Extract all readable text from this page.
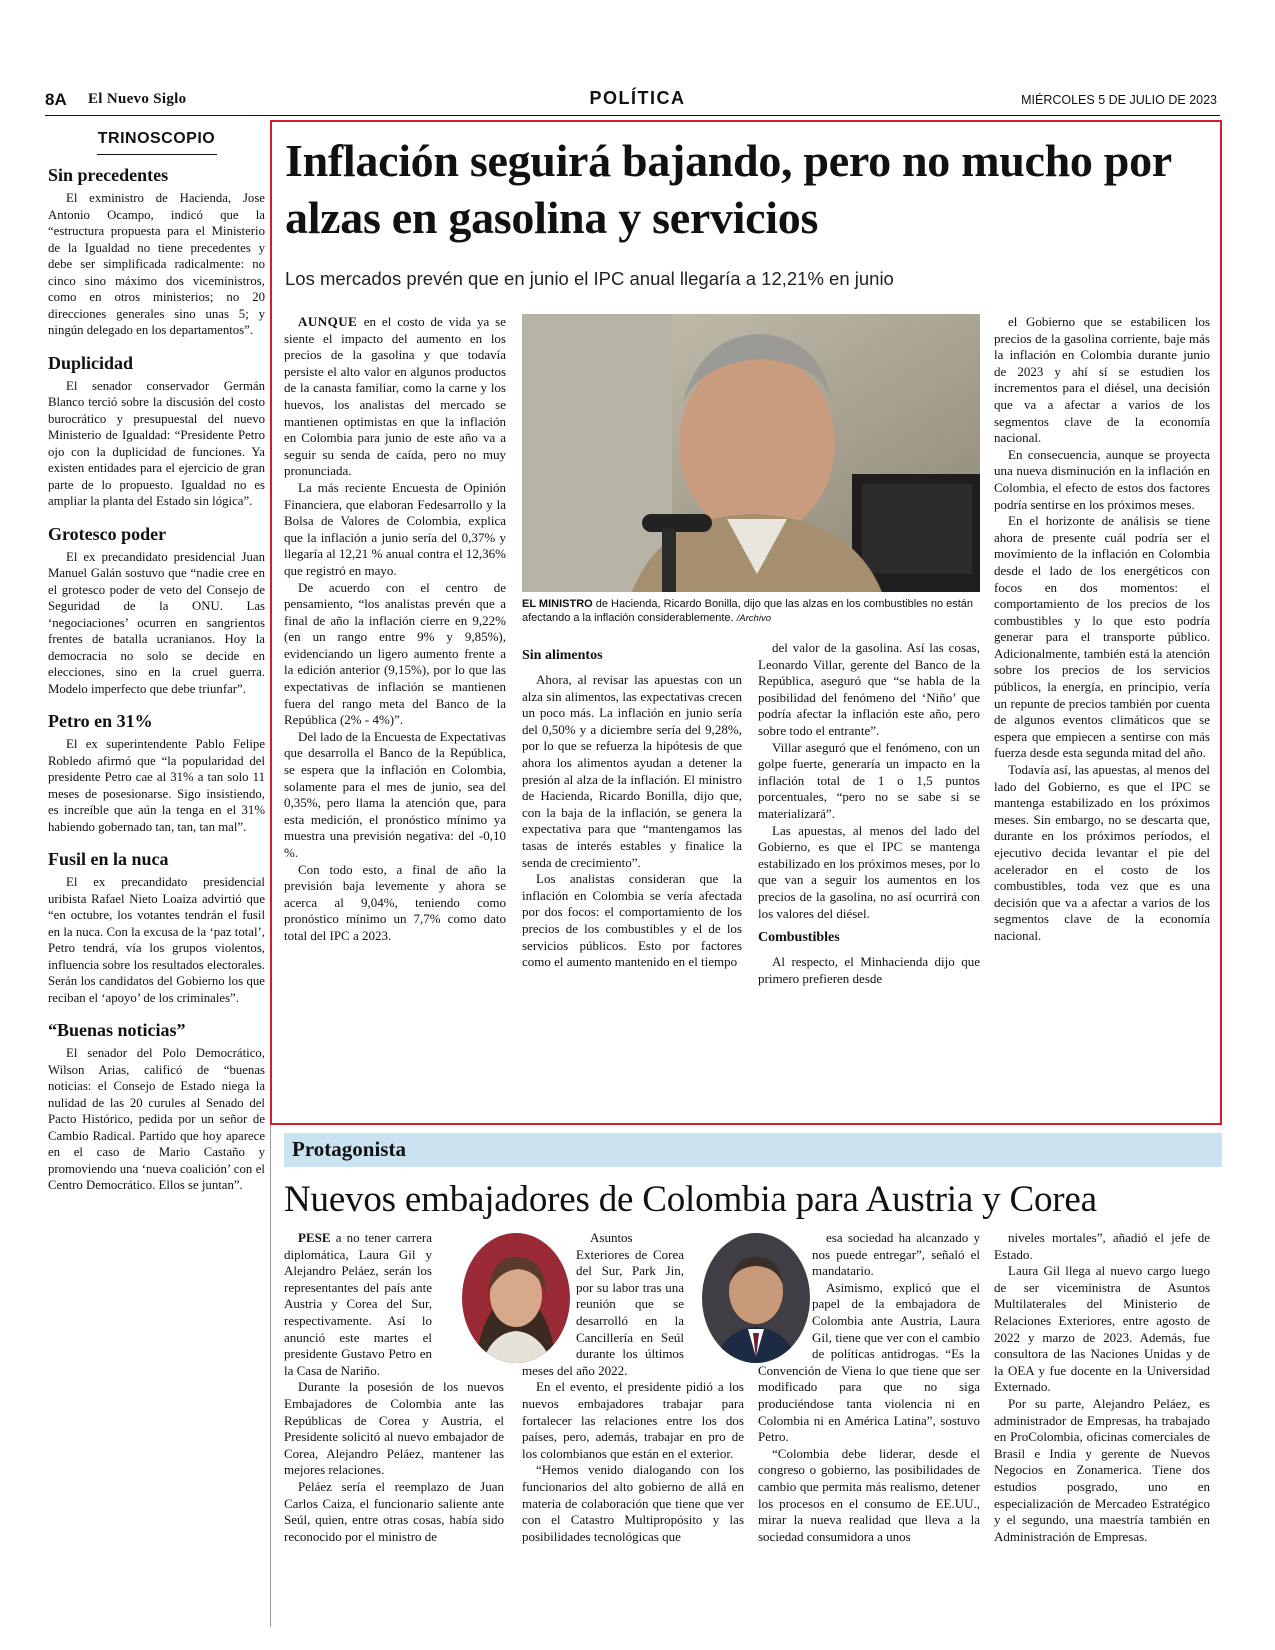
8A El Nuevo Siglo	POLÍTICA	MIÉRCOLES 5 DE JULIO DE 2023
TRINOSCOPIO
Sin precedentes

El exministro de Hacienda, Jose Antonio Ocampo, indicó que la “estructura propuesta para el Ministerio de la Igualdad no tiene precedentes y debe ser simplificada radicalmente: no cinco sino máximo dos viceministros, como en otros ministerios; no 20 direcciones generales sino unas 5; y ningún delegado en los departamentos”.

Duplicidad

El senador conservador Germán Blanco terció sobre la discusión del costo burocrático y presupuestal del nuevo Ministerio de Igualdad: “Presidente Petro ojo con la duplicidad de funciones. Ya existen entidades para el ejercicio de gran parte de lo propuesto. Igualdad no es ampliar la planta del Estado sin lógica”.

Grotesco poder

El ex precandidato presidencial Juan Manuel Galán sostuvo que “nadie cree en el grotesco poder de veto del Consejo de Seguridad de la ONU. Las ‘negociaciones’ ocurren en sangrientos frentes de batalla ucranianos. Hoy la democracia no solo se decide en elecciones, sino en la cruel guerra. Modelo imperfecto que debe triunfar”.

Petro en 31%

El ex superintendente Pablo Felipe Robledo afirmó que “la popularidad del presidente Petro cae al 31% a tan solo 11 meses de posesionarse. Sigo insistiendo, es increíble que aún la tenga en el 31% habiendo gobernado tan, tan, tan mal”.

Fusil en la nuca

El ex precandidato presidencial uribista Rafael Nieto Loaiza advirtió que “en octubre, los votantes tendrán el fusil en la nuca. Con la excusa de la ‘paz total’, Petro tendrá, vía los grupos violentos, influencia sobre los resultados electorales. Serán los candidatos del Gobierno los que reciban el ‘apoyo’ de los criminales”.

“Buenas noticias”

El senador del Polo Democrático, Wilson Arias, calificó de “buenas noticias: el Consejo de Estado niega la nulidad de las 20 curules al Senado del Pacto Histórico, pedida por un señor de Cambio Radical. Partido que hoy aparece en el caso de Mario Castaño y promoviendo una ‘nueva coalición’ con el Centro Democrático. Ellos se juntan”.

Inflación seguirá bajando, pero no mucho por alzas en gasolina y servicios
Los mercados prevén que en junio el IPC anual llegaría a 12,21% en junio

AUNQUE en el costo de vida ya se siente el impacto del aumento en los precios de la gasolina y que todavía persiste el alto valor en algunos productos de la canasta familiar, como la carne y los huevos, los analistas del mercado se mantienen optimistas en que la inflación en Colombia para junio de este año va a seguir su senda de caída, pero no muy pronunciada.

La más reciente Encuesta de Opinión Financiera, que elaboran Fedesarrollo y la Bolsa de Valores de Colombia, explica que la inflación a junio sería del 0,37% y llegaría al 12,21 % anual contra el 12,36% que registró en mayo.

De acuerdo con el centro de pensamiento, “los analistas prevén que a final de año la inflación cierre en 9,22% (en un rango entre 9% y 9,85%), evidenciando un ligero aumento frente a la edición anterior (9,15%), por lo que las expectativas de inflación se mantienen fuera del rango meta del Banco de la República (2% - 4%)”.

Del lado de la Encuesta de Expectativas que desarrolla el Banco de la República, se espera que la inflación en Colombia, solamente para el mes de junio, sea del 0,35%, pero llama la atención que, para esta medición, el pronóstico mínimo ya muestra una previsión negativa: del -0,10 %.

Con todo esto, a final de año la previsión baja levemente y ahora se acerca al 9,04%, teniendo como pronóstico mínimo un 7,7% como dato total del IPC a 2023.

EL MINISTRO de Hacienda, Ricardo Bonilla, dijo que las alzas en los combustibles no están afectando a la inflación considerablemente. /Archivo
Sin alimentos

Ahora, al revisar las apuestas con un alza sin alimentos, las expectativas crecen un poco más. La inflación en junio sería del 0,50% y a diciembre sería del 9,28%, por lo que se refuerza la hipótesis de que ahora los alimentos ayudan a detener la presión al alza de la inflación. El ministro de Hacienda, Ricardo Bonilla, dijo que, con la baja de la inflación, se genera la expectativa para que “mantengamos las tasas de interés estables y finalice la senda de crecimiento”.

Los analistas consideran que la inflación en Colombia se vería afectada por dos focos: el comportamiento de los precios de los combustibles y el de los servicios públicos. Esto por factores como el aumento mantenido en el tiempo

del valor de la gasolina. Así las cosas, Leonardo Villar, gerente del Banco de la República, aseguró que “se habla de la posibilidad del fenómeno del ‘Niño’ que podría afectar la inflación este año, pero sobre todo el entrante”.

Villar aseguró que el fenómeno, con un golpe fuerte, generaría un impacto en la inflación total de 1 o 1,5 puntos porcentuales, “pero no se sabe si se materializará”.

Las apuestas, al menos del lado del Gobierno, es que el IPC se mantenga estabilizado en los próximos meses, por lo que van a seguir los aumentos en los precios de la gasolina, no así ocurrirá con los valores del diésel.

Combustibles

Al respecto, el Minhacienda dijo que primero prefieren desde

el Gobierno que se estabilicen los precios de la gasolina corriente, baje más la inflación en Colombia durante junio de 2023 y ahí sí se estudien los incrementos para el diésel, una decisión que va a afectar a varios de los segmentos clave de la economía nacional.

En consecuencia, aunque se proyecta una nueva disminución en la inflación en Colombia, el efecto de estos dos factores podría sentirse en los próximos meses.

En el horizonte de análisis se tiene ahora de presente cuál podría ser el movimiento de la inflación en Colombia desde el lado de los energéticos con focos en dos momentos: el comportamiento de los precios de los combustibles y lo que esto podría generar para el transporte público. Adicionalmente, también está la atención sobre los precios de los servicios públicos, la energía, en principio, vería un repunte de precios también por cuenta de algunos eventos climáticos que se espera que empiecen a sentirse con más fuerza desde esta segunda mitad del año.

Todavía así, las apuestas, al menos del lado del Gobierno, es que el IPC se mantenga estabilizado en los próximos meses. Sin embargo, no se descarta que, durante en los próximos períodos, el ejecutivo decida levantar el pie del acelerador en el costo de los combustibles, toda vez que es una decisión que va a afectar a varios de los segmentos clave de la economía nacional.

Protagonista
Nuevos embajadores de Colombia para Austria y Corea

PESE a no tener carrera diplomática, Laura Gil y Alejandro Peláez, serán los representantes del país ante Austria y Corea del Sur, respectivamente. Así lo anunció este martes el presidente Gustavo Petro en la Casa de Nariño.

Durante la posesión de los nuevos Embajadores de Colombia ante las Repúblicas de Corea y Austria, el Presidente solicitó al nuevo embajador de Corea, Alejandro Peláez, mantener las mejores relaciones.

Peláez sería el reemplazo de Juan Carlos Caiza, el funcionario saliente ante Seúl, quien, entre otras cosas, había sido reconocido por el ministro de

Asuntos Exteriores de Corea del Sur, Park Jin, por su labor tras una reunión que se desarrolló en la Cancillería en Seúl durante los últimos meses del año 2022.

En el evento, el presidente pidió a los nuevos embajadores trabajar para fortalecer las relaciones entre los dos países, pero, además, trabajar en pro de los colombianos que están en el exterior.

“Hemos venido dialogando con los funcionarios del alto gobierno de allá en materia de colaboración que tiene que ver con el Catastro Multipropósito y las posibilidades tecnológicas que

esa sociedad ha alcanzado y nos puede entregar”, señaló el mandatario.

Asimismo, explicó que el papel de la embajadora de Colombia ante Austria, Laura Gil, tiene que ver con el cambio de políticas antidrogas. “Es la Convención de Viena lo que tiene que ser modificado para que no siga produciéndose tanta violencia ni en Colombia ni en América Latina”, sostuvo Petro.

“Colombia debe liderar, desde el congreso o gobierno, las posibilidades de cambio que permita más realismo, detener los procesos en el consumo de EE.UU., mirar la nueva realidad que lleva a la sociedad consumidora a unos

niveles mortales”, añadió el jefe de Estado.

Laura Gil llega al nuevo cargo luego de ser viceministra de Asuntos Multilaterales del Ministerio de Relaciones Exteriores, entre agosto de 2022 y marzo de 2023. Además, fue consultora de las Naciones Unidas y de la OEA y fue docente en la Universidad Externado.

Por su parte, Alejandro Peláez, es administrador de Empresas, ha trabajado en ProColombia, oficinas comerciales de Brasil e India y gerente de Nuevos Negocios en Zonamerica. Tiene dos estudios posgrado, uno en especialización de Mercadeo Estratégico y el segundo, una maestría también en Administración de Empresas.
